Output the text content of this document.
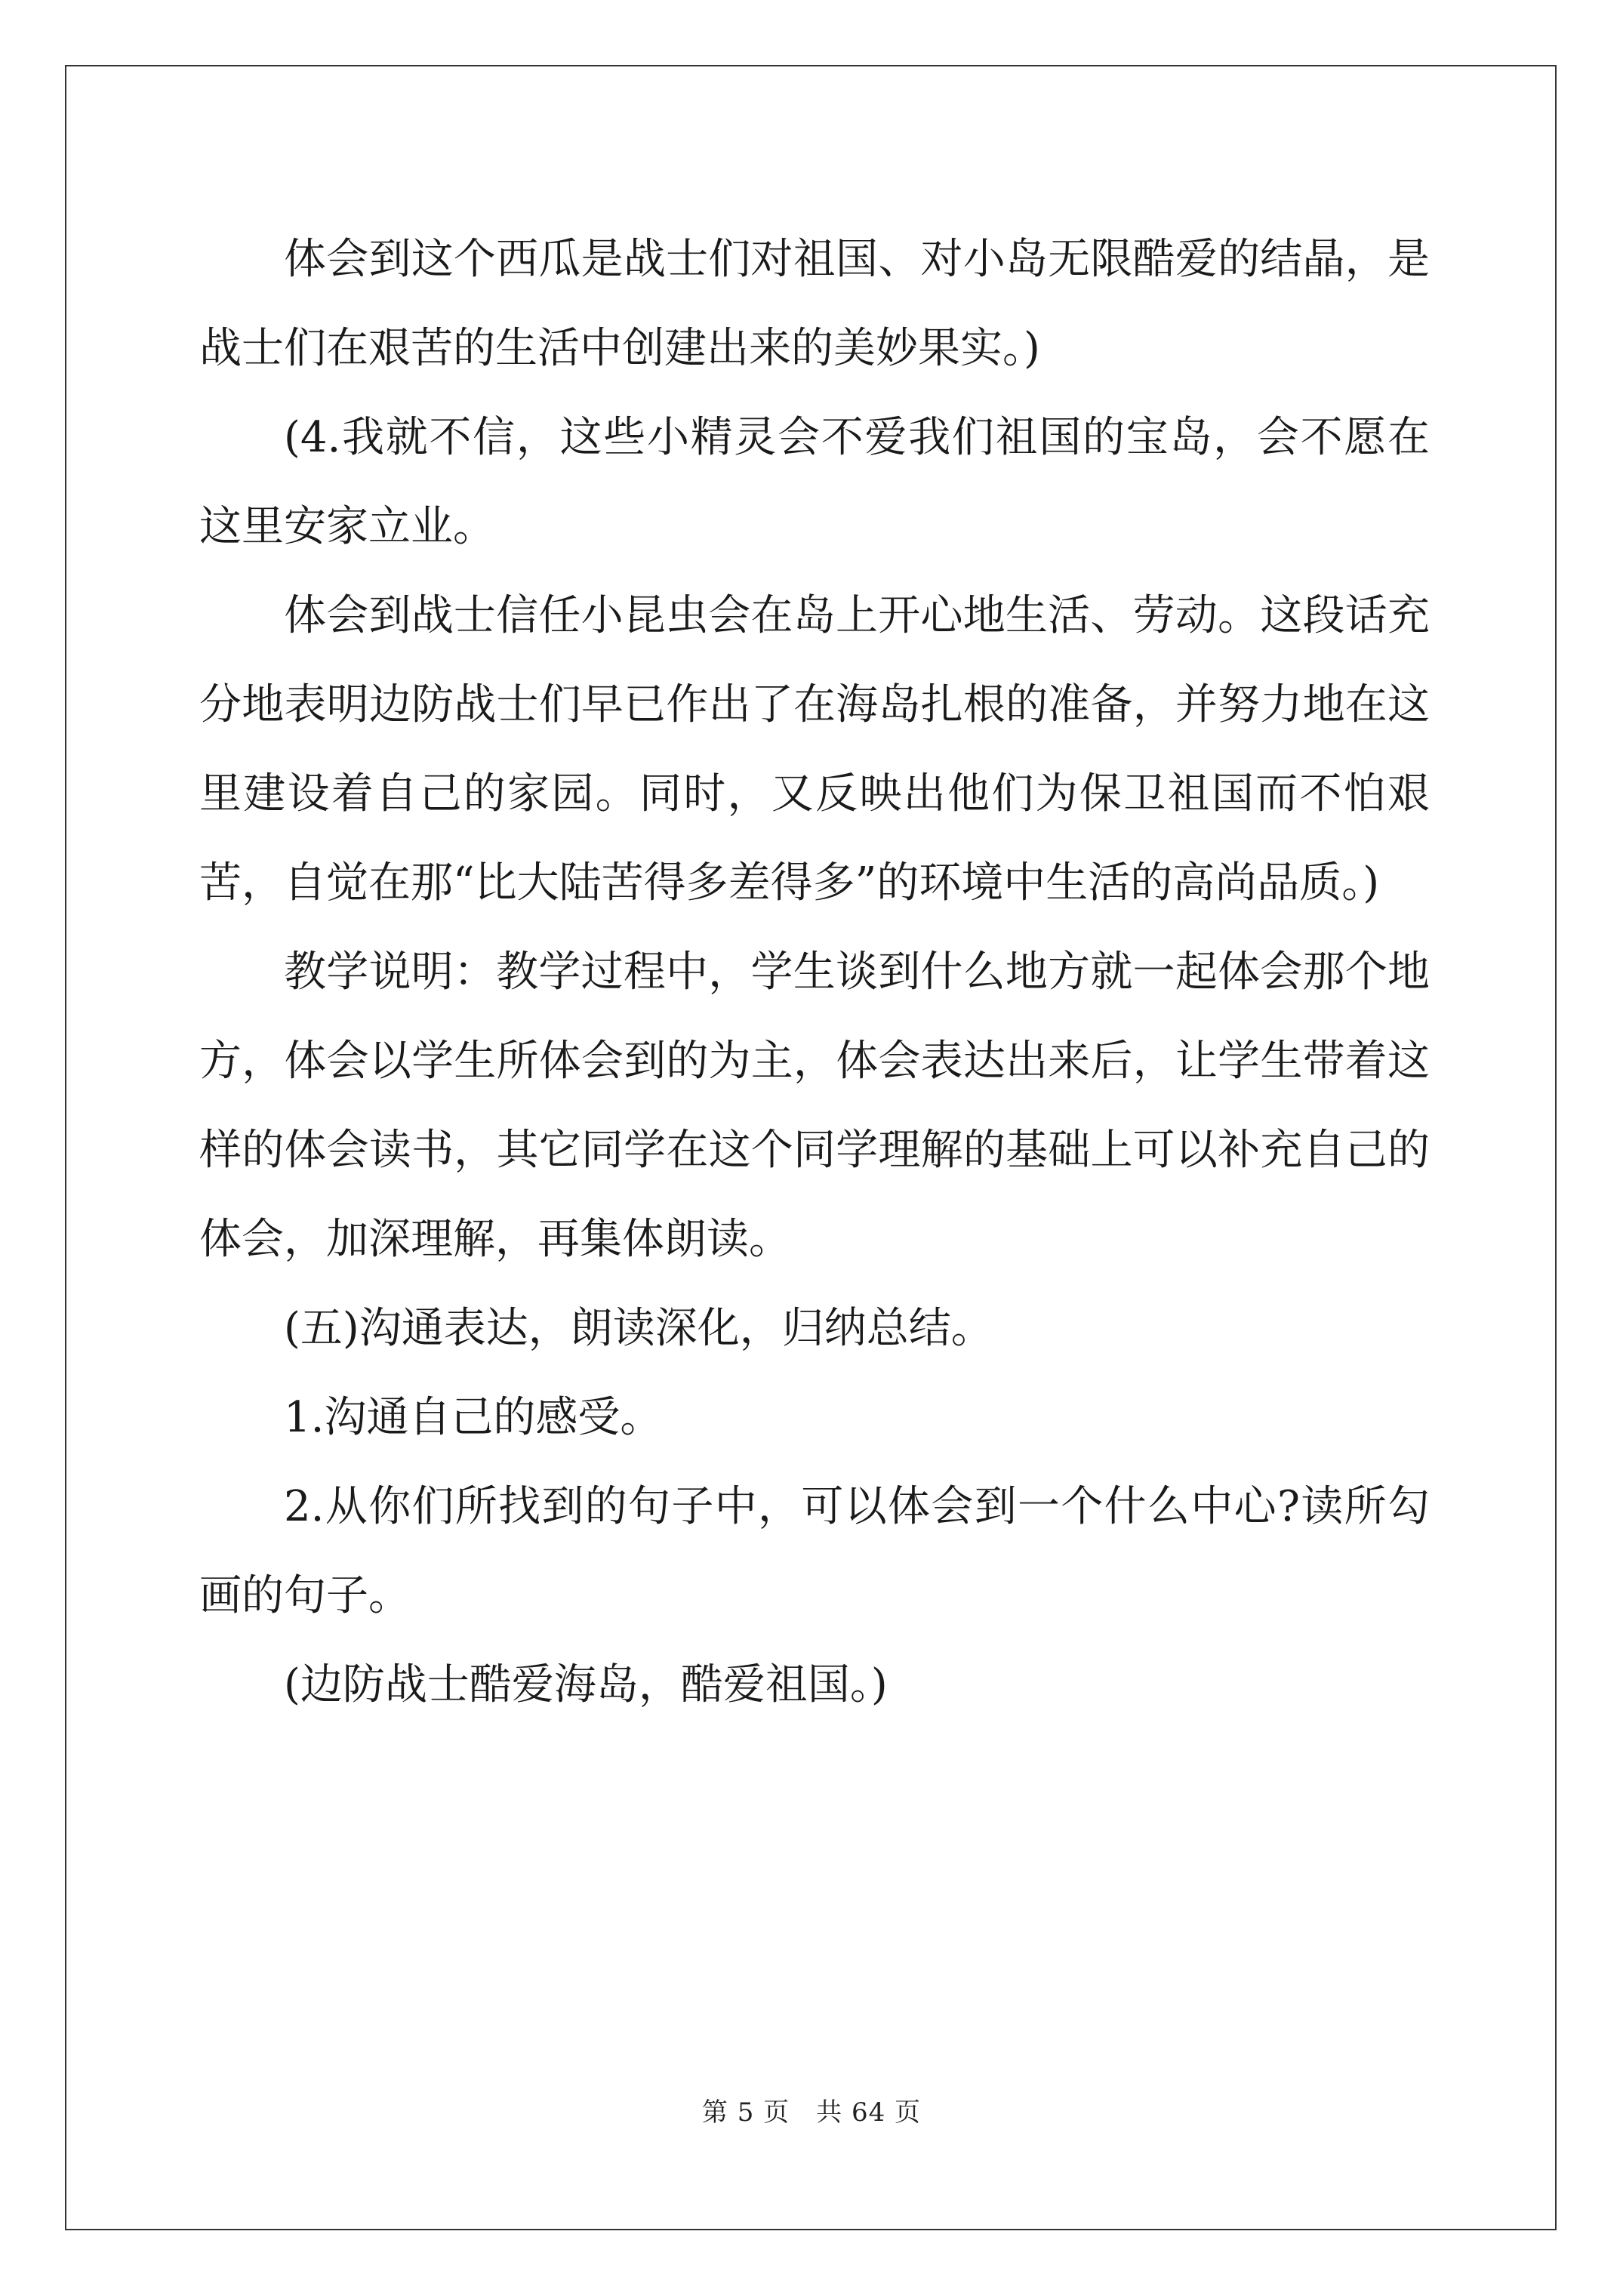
体会到这个西瓜是战士们对祖国、对小岛无限酷爱的结晶，是战士们在艰苦的生活中创建出来的美妙果实。)

(4.我就不信，这些小精灵会不爱我们祖国的宝岛，会不愿在这里安家立业。

体会到战士信任小昆虫会在岛上开心地生活、劳动。这段话充分地表明边防战士们早已作出了在海岛扎根的准备，并努力地在这里建设着自己的家园。同时，又反映出他们为保卫祖国而不怕艰苦，自觉在那“比大陆苦得多差得多”的环境中生活的高尚品质。)

教学说明：教学过程中，学生谈到什么地方就一起体会那个地方，体会以学生所体会到的为主，体会表达出来后，让学生带着这样的体会读书，其它同学在这个同学理解的基础上可以补充自己的体会，加深理解，再集体朗读。

(五)沟通表达，朗读深化，归纳总结。

1.沟通自己的感受。

2.从你们所找到的句子中，可以体会到一个什么中心?读所勾画的句子。

(边防战士酷爱海岛，酷爱祖国。)

第 5 页　共 64 页
